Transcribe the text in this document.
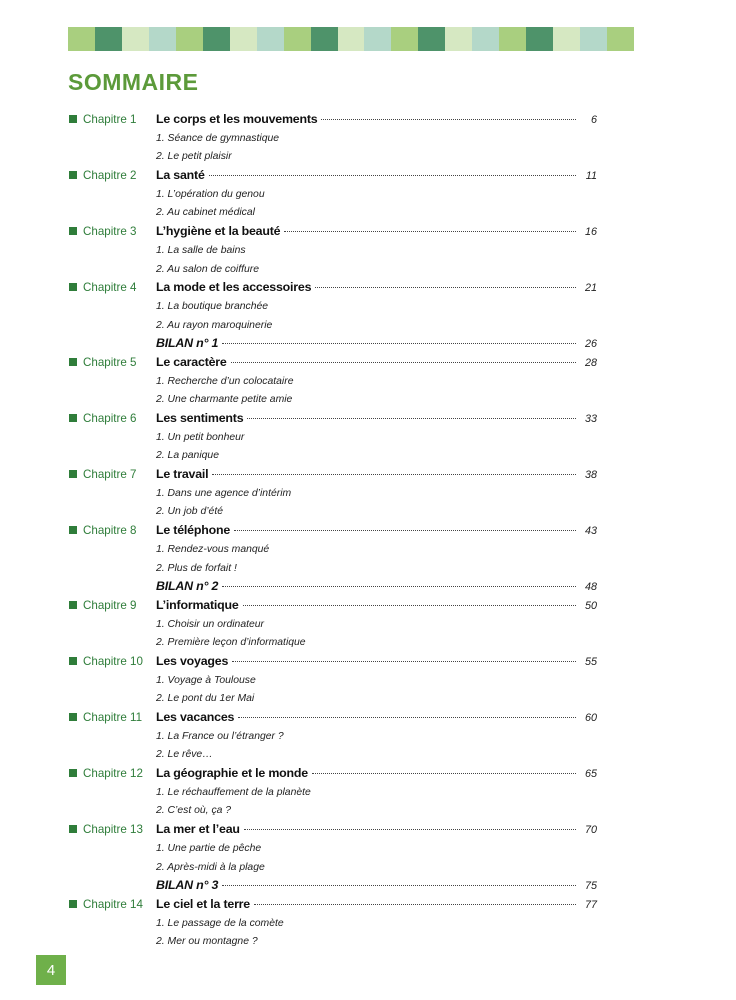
SOMMAIRE
Chapitre 1 Le corps et les mouvements	6
1. Séance de gymnastique
2. Le petit plaisir
Chapitre 2 La santé	11
1. L’opération du genou
2. Au cabinet médical
Chapitre 3 L’hygiène et la beauté	16
1. La salle de bains
2. Au salon de coiffure
Chapitre 4 La mode et les accessoires	21
1. La boutique branchée
2. Au rayon maroquinerie
BILAN n° 1	26
Chapitre 5 Le caractère	28
1. Recherche d’un colocataire
2. Une charmante petite amie
Chapitre 6 Les sentiments	33
1. Un petit bonheur
2. La panique
Chapitre 7 Le travail	38
1. Dans une agence d’intérim
2. Un job d’été
Chapitre 8 Le téléphone	43
1. Rendez-vous manqué
2. Plus de forfait !
BILAN n° 2	48
Chapitre 9 L’informatique	50
1. Choisir un ordinateur
2. Première leçon d’informatique
Chapitre 10 Les voyages	55
1. Voyage à Toulouse
2. Le pont du 1er Mai
Chapitre 11 Les vacances	60
1. La France ou l’étranger ?
2. Le rêve…
Chapitre 12 La géographie et le monde	65
1. Le réchauffement de la planète
2. C’est où, ça ?
Chapitre 13 La mer et l’eau	70
1. Une partie de pêche
2. Après-midi à la plage
BILAN n° 3	75
Chapitre 14 Le ciel et la terre	77
1. Le passage de la comète
2. Mer ou montagne ?
4
